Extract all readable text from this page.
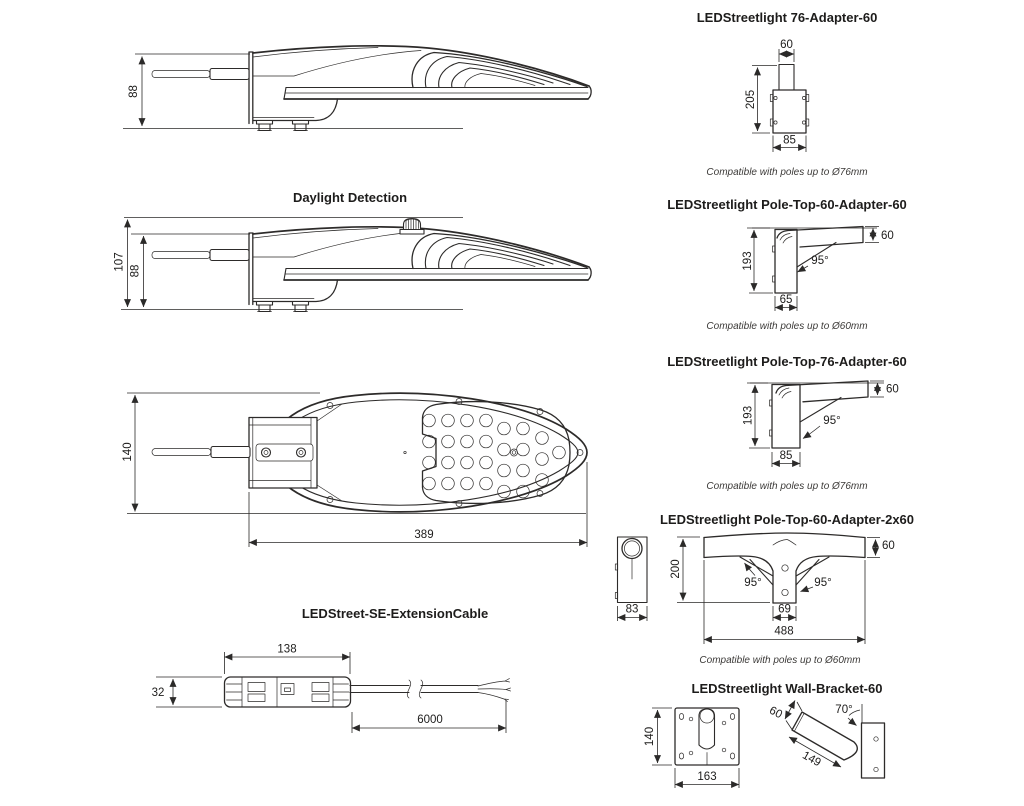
88
Daylight Detection
107 88
140
389
LEDStreet-SE-ExtensionCable
138
32
6000
LEDStreetlight 76-Adapter-60
60
205
85
Compatible with poles up to Ø76mm
LEDStreetlight Pole-Top-60-Adapter-60
60
193	95°
65
Compatible with poles up to Ø60mm
LEDStreetlight Pole-Top-76-Adapter-60
60
193	95°
85
Compatible with poles up to Ø76mm
LEDStreetlight Pole-Top-60-Adapter-2x60
83
200
60
95°	95°
69
488
Compatible with poles up to Ø60mm
LEDStreetlight Wall-Bracket-60
140
163
60
149
70°
